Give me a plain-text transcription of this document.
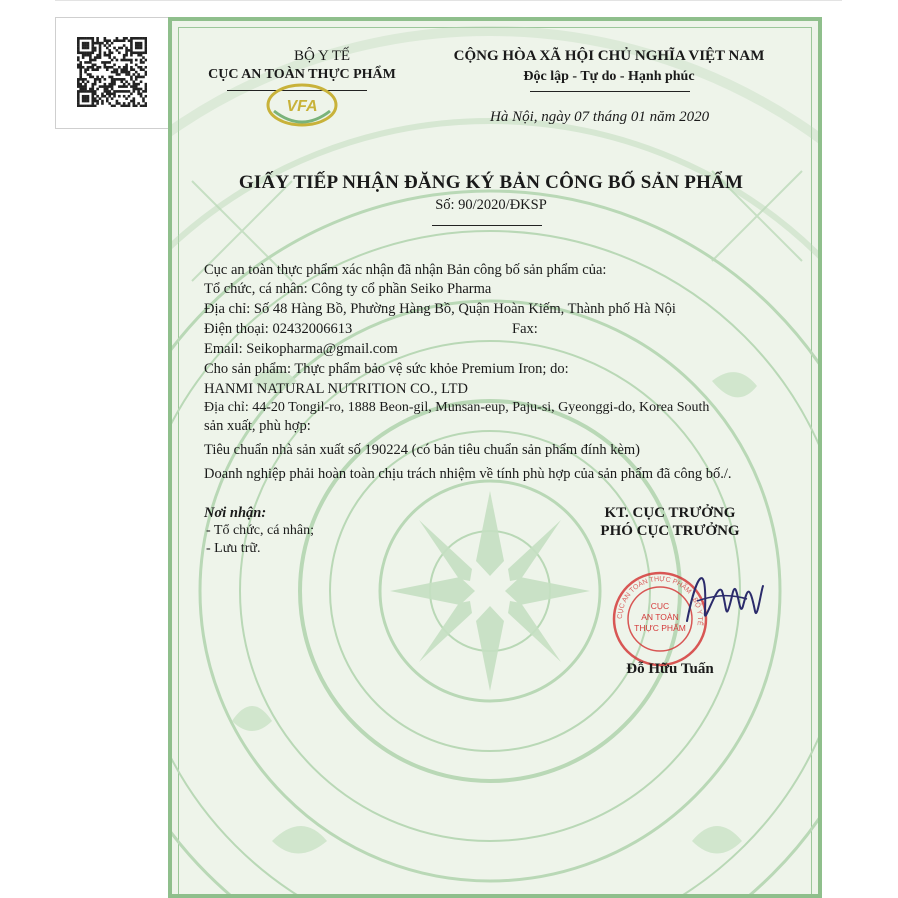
BỘ Y TẾ
CỤC AN TOÀN THỰC PHẨM
VFA
CỘNG HÒA XÃ HỘI CHỦ NGHĨA VIỆT NAM
Độc lập - Tự do - Hạnh phúc
Hà Nội, ngày 07 tháng 01 năm 2020
GIẤY TIẾP NHẬN ĐĂNG KÝ BẢN CÔNG BỐ SẢN PHẨM
Số: 90/2020/ĐKSP
Cục an toàn thực phẩm xác nhận đã nhận Bản công bố sản phẩm của:
Tổ chức, cá nhân: Công ty cổ phần Seiko Pharma
Địa chỉ: Số 48 Hàng Bồ, Phường Hàng Bồ, Quận Hoàn Kiếm, Thành phố Hà Nội
Điện thoại: 02432006613	Fax:
Email: Seikopharma@gmail.com
Cho sản phẩm: Thực phẩm bảo vệ sức khỏe Premium Iron; do:
HANMI NATURAL NUTRITION CO., LTD
Địa chỉ: 44-20 Tongil-ro, 1888 Beon-gil, Munsan-eup, Paju-si, Gyeonggi-do, Korea South
sản xuất, phù hợp:
Tiêu chuẩn nhà sản xuất số 190224 (có bản tiêu chuẩn sản phẩm đính kèm)
Doanh nghiệp phải hoàn toàn chịu trách nhiệm về tính phù hợp của sản phẩm đã công bố./.
Nơi nhận:
- Tổ chức, cá nhân;
- Lưu trữ.
KT. CỤC TRƯỞNG
PHÓ CỤC TRƯỞNG
CỤC AN TOÀN THỰC PHẨM · BỘ Y TẾ
CỤC
AN TOÀN
THỰC PHẨM
Đỗ Hữu Tuấn
